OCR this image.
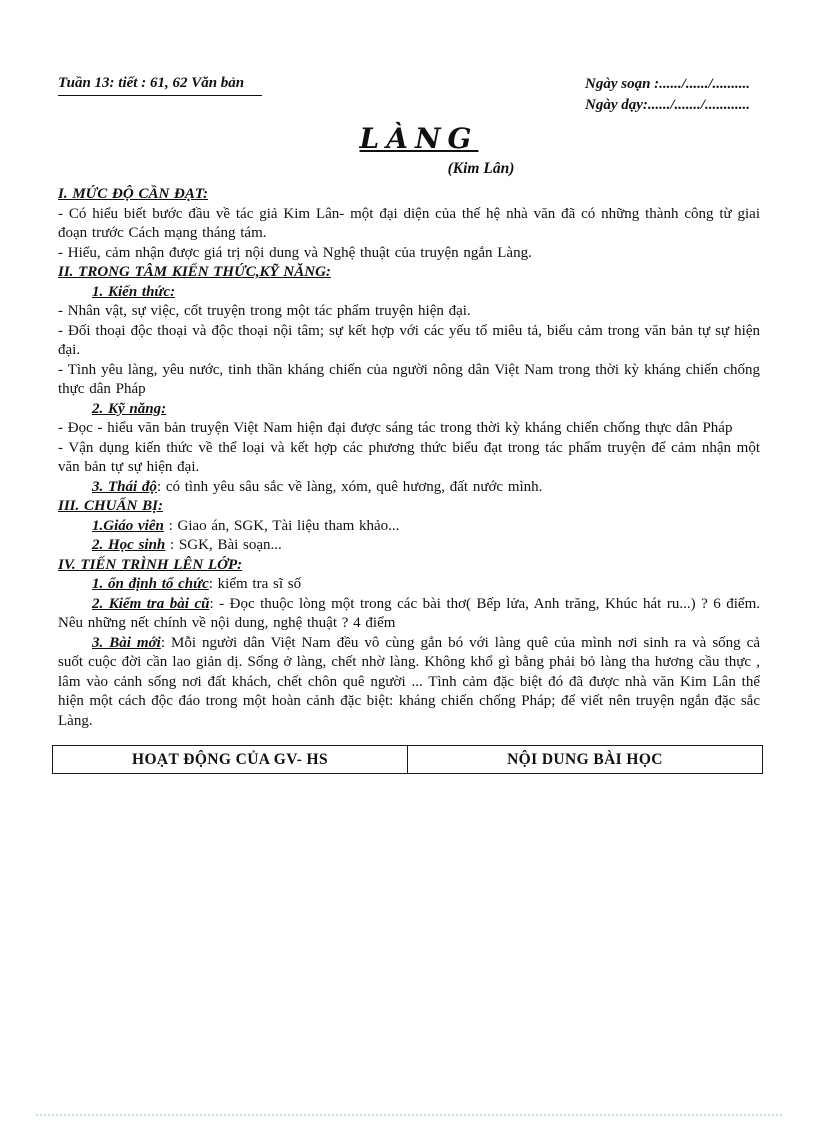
Tuần 13: tiết : 61, 62 Văn bản	Ngày soạn :....../....../..........
Ngày dạy:....../......./............
LÀNG
(Kim Lân)

I. MỨC ĐỘ CẦN ĐẠT:

- Có hiểu biết bước đầu về tác giả Kim Lân- một đại diện của thế hệ nhà văn đã có những thành công từ giai đoạn trước Cách mạng tháng tám.

- Hiểu, cảm nhận được giá trị nội dung và Nghệ thuật của truyện ngắn Làng.

II. TRONG TÂM KIẾN THỨC,KỸ NĂNG:

1. Kiến thức:

- Nhân vật, sự việc, cốt truyện trong một tác phẩm truyện hiện đại.

- Đối thoại độc thoại và độc thoại nội tâm; sự kết hợp với các yếu tố miêu tả, biểu cảm trong văn bản tự sự hiện đại.

- Tình yêu làng, yêu nước, tinh thần kháng chiến của người nông dân Việt Nam trong thời kỳ kháng chiến chống thực dân Pháp

2. Kỹ năng:

- Đọc - hiểu văn bản truyện Việt Nam hiện đại được sáng tác trong thời kỳ kháng chiến chống thực dân Pháp

- Vận dụng kiến thức về thể loại và kết hợp các phương thức biểu đạt trong tác phẩm truyện để cảm nhận một văn bản tự sự hiện đại.

3. Thái độ: có tình yêu sâu sắc về làng, xóm, quê hương, đất nước mình.

III. CHUẨN BỊ:

1.Giáo viên : Giao án, SGK, Tài liệu tham khảo...

2. Học sinh : SGK, Bài soạn...

IV. TIẾN TRÌNH LÊN LỚP:

1. ổn định tổ chức: kiểm tra sĩ số

2. Kiểm tra bài cũ: - Đọc thuộc lòng một trong các bài thơ( Bếp lửa, Anh trăng, Khúc hát ru...) ? 6 điểm. Nêu những nết chính về nội dung, nghệ thuật ? 4 điểm

3. Bài mới: Mỗi người dân Việt Nam đều vô cùng gắn bó với làng quê của mình nơi sinh ra và sống cả suốt cuộc đời cần lao giản dị. Sống ở làng, chết nhờ làng. Không khổ gì bằng phải bỏ làng tha hương cầu thực , lâm vào cảnh sống nơi đất khách, chết chôn quê người ... Tình cảm đặc biệt đó đã được nhà văn Kim Lân thể hiện một cách độc đáo trong một hoàn cảnh đặc biệt: kháng chiến chống Pháp; để viết nên truyện ngắn đặc sắc Làng.

HOẠT ĐỘNG CỦA GV- HS	NỘI DUNG BÀI HỌC
